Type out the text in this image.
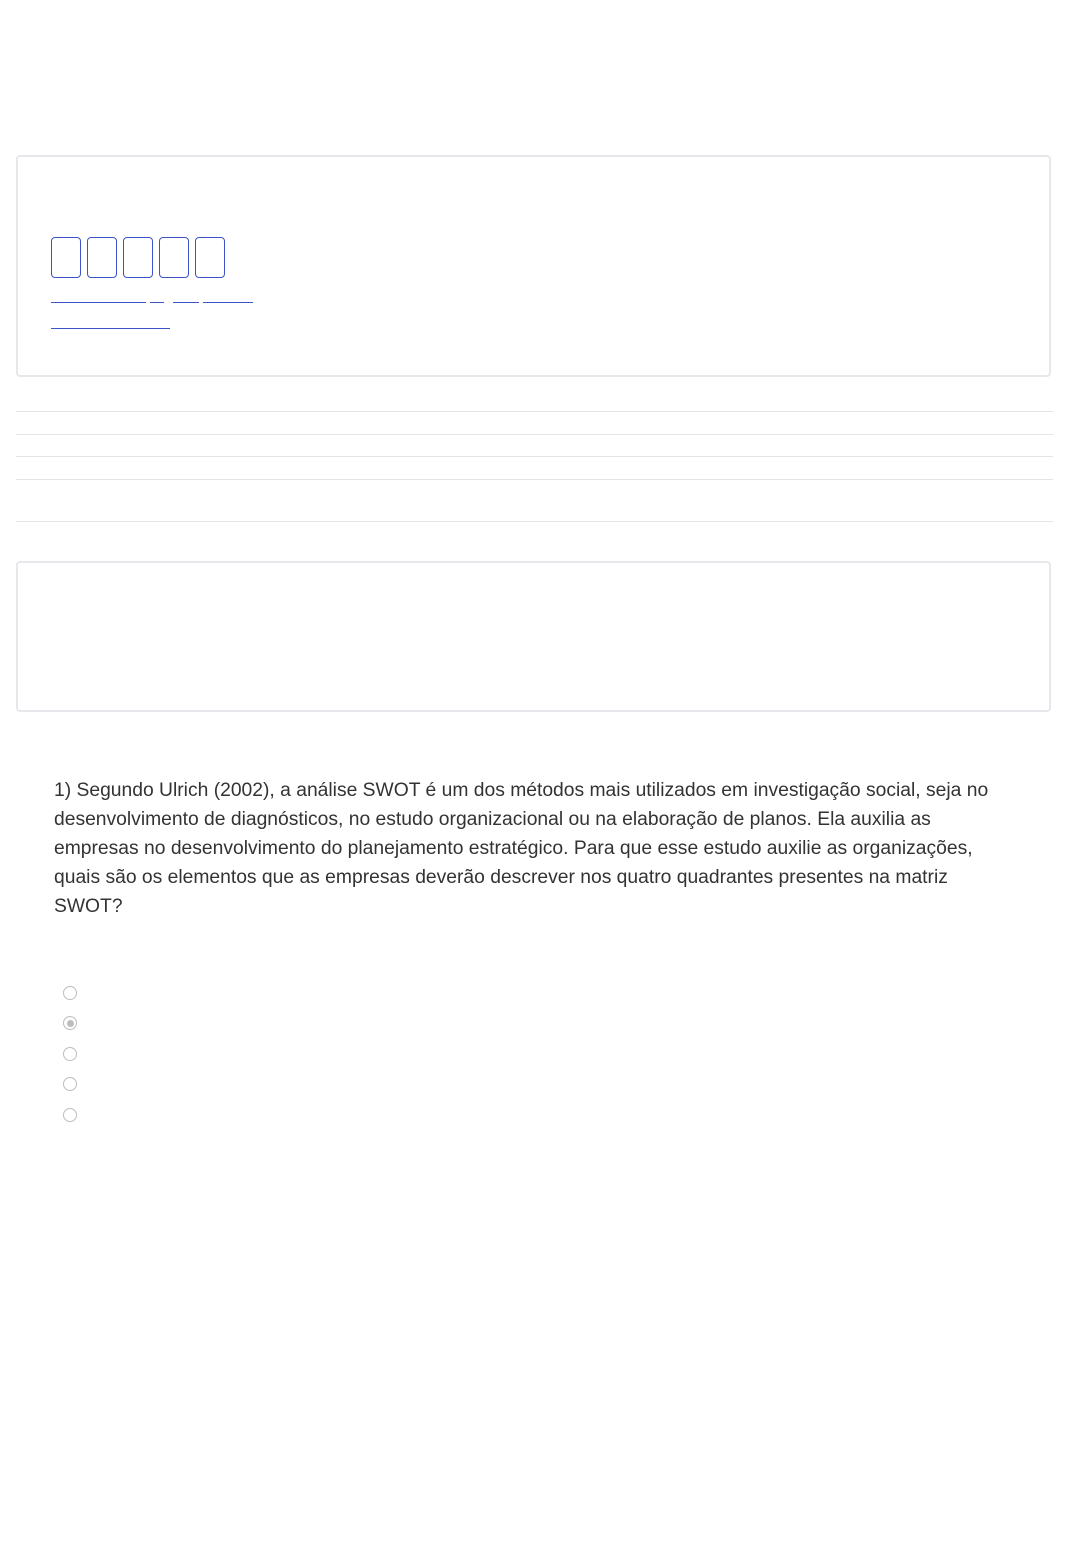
1) Segundo Ulrich (2002), a análise SWOT é um dos métodos mais utilizados em investigação social, seja no desenvolvimento de diagnósticos, no estudo organizacional ou na elaboração de planos. Ela auxilia as empresas no desenvolvimento do planejamento estratégico. Para que esse estudo auxilie as organizações, quais são os elementos que as empresas deverão descrever nos quatro quadrantes presentes na matriz SWOT?
